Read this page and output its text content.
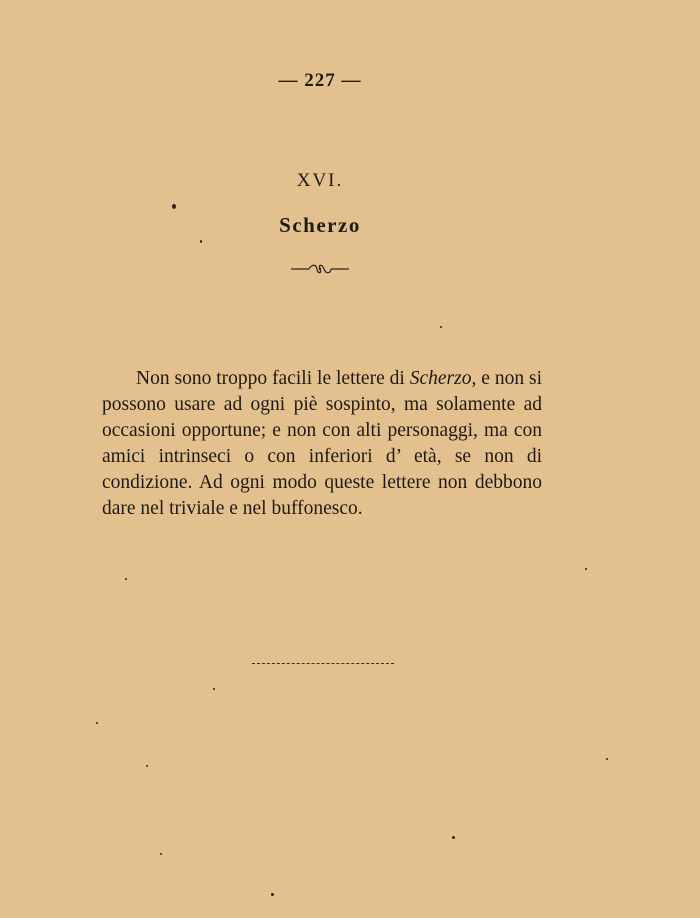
— 227 —
XVI.
Scherzo

Non sono troppo facili le lettere di Scherzo, e non si possono usare ad ogni piè sospinto, ma solamente ad occasioni opportune; e non con alti personaggi, ma con amici intrinseci o con inferiori d’ età, se non di condizione. Ad ogni modo queste lettere non debbono dare nel triviale e nel buffonesco.
